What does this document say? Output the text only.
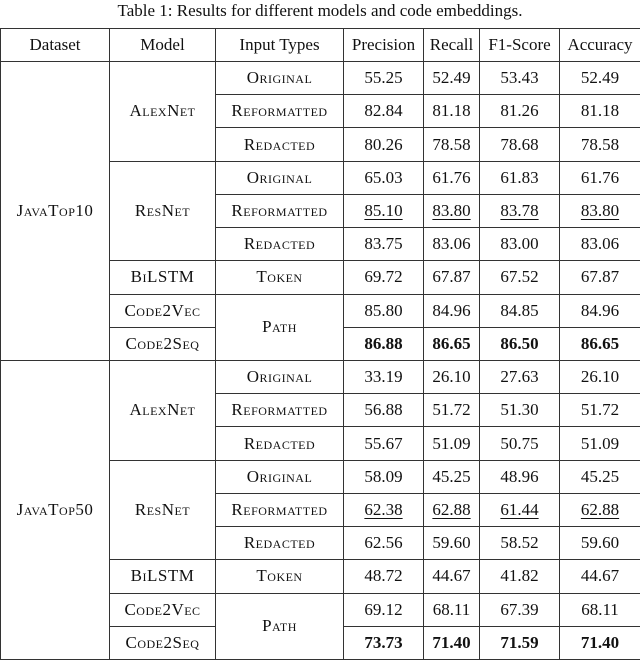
Table 1: Results for different models and code embeddings.
Dataset	Model	Input Types	Precision	Recall	F1-Score	Accuracy
JavaTop10	AlexNet	Original	55.25	52.49	53.43	52.49
		Reformatted	82.84	81.18	81.26	81.18
		Redacted	80.26	78.58	78.68	78.58
	ResNet	Original	65.03	61.76	61.83	61.76
		Reformatted	85.10	83.80	83.78	83.80
		Redacted	83.75	83.06	83.00	83.06
	BiLSTM	Token	69.72	67.87	67.52	67.87
	Code2Vec	Path	85.80	84.96	84.85	84.96
	Code2Seq		86.88	86.65	86.50	86.65
JavaTop50	AlexNet	Original	33.19	26.10	27.63	26.10
		Reformatted	56.88	51.72	51.30	51.72
		Redacted	55.67	51.09	50.75	51.09
	ResNet	Original	58.09	45.25	48.96	45.25
		Reformatted	62.38	62.88	61.44	62.88
		Redacted	62.56	59.60	58.52	59.60
	BiLSTM	Token	48.72	44.67	41.82	44.67
	Code2Vec	Path	69.12	68.11	67.39	68.11
	Code2Seq		73.73	71.40	71.59	71.40
